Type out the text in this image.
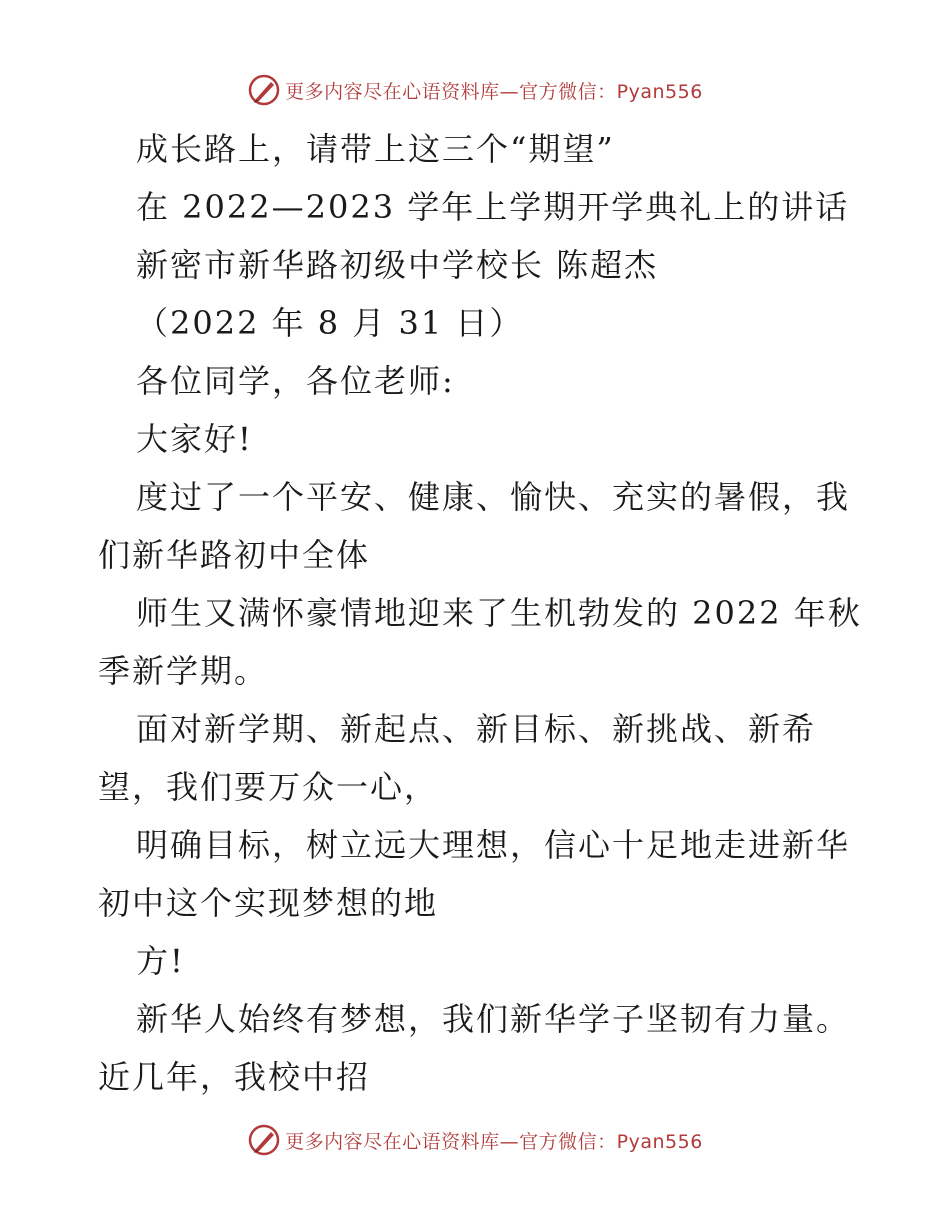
更多内容尽在心语资料库—官方微信：Pyan556
成长路上，请带上这三个“期望”
在 2022—2023 学年上学期开学典礼上的讲话
新密市新华路初级中学校长 陈超杰
（2022 年 8 月 31 日）
各位同学，各位老师:
大家好!
度过了一个平安、健康、愉快、充实的暑假，我
们新华路初中全体
师生又满怀豪情地迎来了生机勃发的 2022 年秋
季新学期。
面对新学期、新起点、新目标、新挑战、新希
望，我们要万众一心，
明确目标，树立远大理想，信心十足地走进新华
初中这个实现梦想的地
方!
新华人始终有梦想，我们新华学子坚韧有力量。
近几年，我校中招
更多内容尽在心语资料库—官方微信：Pyan556
